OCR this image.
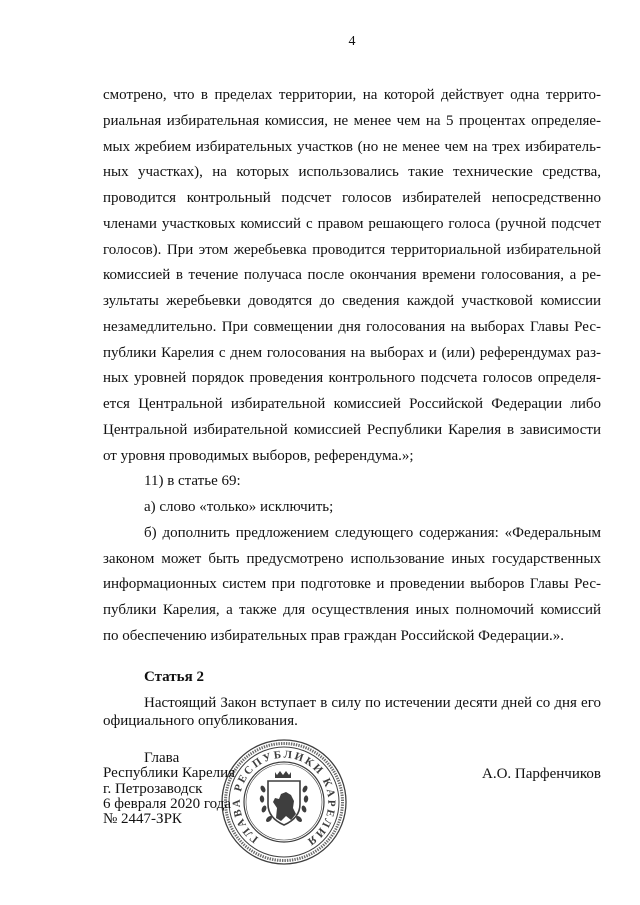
4
смотрено, что в пределах территории, на которой действует одна террито-
риальная избирательная комиссия, не менее чем на 5 процентах определяе-
мых жребием избирательных участков (но не менее чем на трех избиратель-
ных участках), на которых использовались такие технические средства,
проводится контрольный подсчет голосов избирателей непосредственно
членами участковых комиссий с правом решающего голоса (ручной подсчет
голосов). При этом жеребьевка проводится территориальной избирательной
комиссией в течение получаса после окончания времени голосования, а ре-
зультаты жеребьевки доводятся до сведения каждой участковой комиссии
незамедлительно. При совмещении дня голосования на выборах Главы Рес-
публики Карелия с днем голосования на выборах и (или) референдумах раз-
ных уровней порядок проведения контрольного подсчета голосов определя-
ется Центральной избирательной комиссией Российской Федерации либо
Центральной избирательной комиссией Республики Карелия в зависимости
от уровня проводимых выборов, референдума.»;
11) в статье 69:
а) слово «только» исключить;
б) дополнить предложением следующего содержания: «Федеральным
законом может быть предусмотрено использование иных государственных
информационных систем при подготовке и проведении выборов Главы Рес-
публики Карелия, а также для осуществления иных полномочий комиссий
по обеспечению избирательных прав граждан Российской Федерации.».
Статья 2
Настоящий Закон вступает в силу по истечении десяти дней со дня его
официального опубликования.
ГЛАВА РЕСПУБЛИКИ КАРЕЛИЯ
Глава
Республики Карелия
г. Петрозаводск
6 февраля 2020 года
№ 2447-ЗРК
А.О. Парфенчиков
